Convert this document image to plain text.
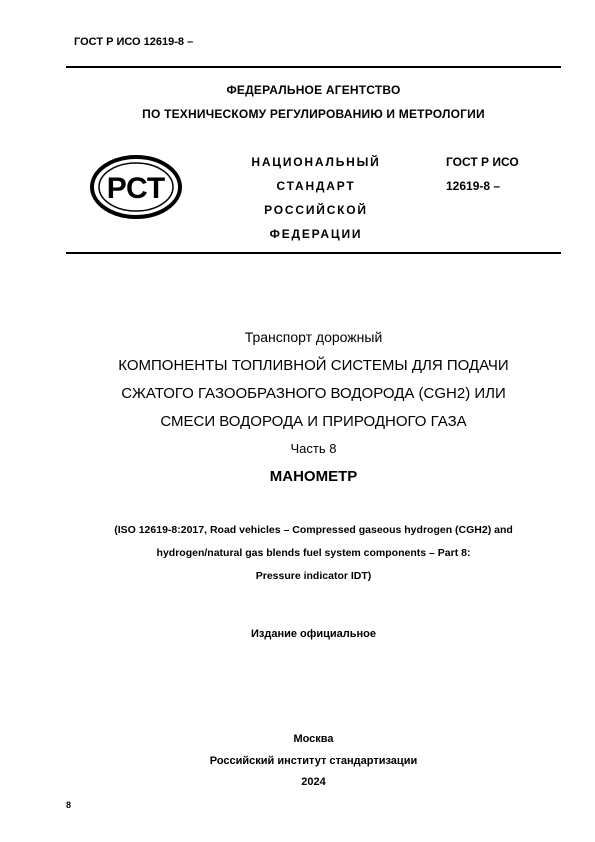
ГОСТ Р ИСО 12619-8 –
ФЕДЕРАЛЬНОЕ АГЕНТСТВО
ПО ТЕХНИЧЕСКОМУ РЕГУЛИРОВАНИЮ И МЕТРОЛОГИИ
РСТ
НАЦИОНАЛЬНЫЙ
СТАНДАРТ
РОССИЙСКОЙ
ФЕДЕРАЦИИ
ГОСТ Р ИСО
12619-8 –
Транспорт дорожный
КОМПОНЕНТЫ ТОПЛИВНОЙ СИСТЕМЫ ДЛЯ ПОДАЧИ
СЖАТОГО ГАЗООБРАЗНОГО ВОДОРОДА (CGH2) ИЛИ
СМЕСИ ВОДОРОДА И ПРИРОДНОГО ГАЗА
Часть 8
МАНОМЕТР
(ISO 12619-8:2017, Road vehicles – Compressed gaseous hydrogen (CGH2) and
hydrogen/natural gas blends fuel system components – Part 8:
Pressure indicator IDT)
Издание официальное
Москва
Российский институт стандартизации
2024
8
